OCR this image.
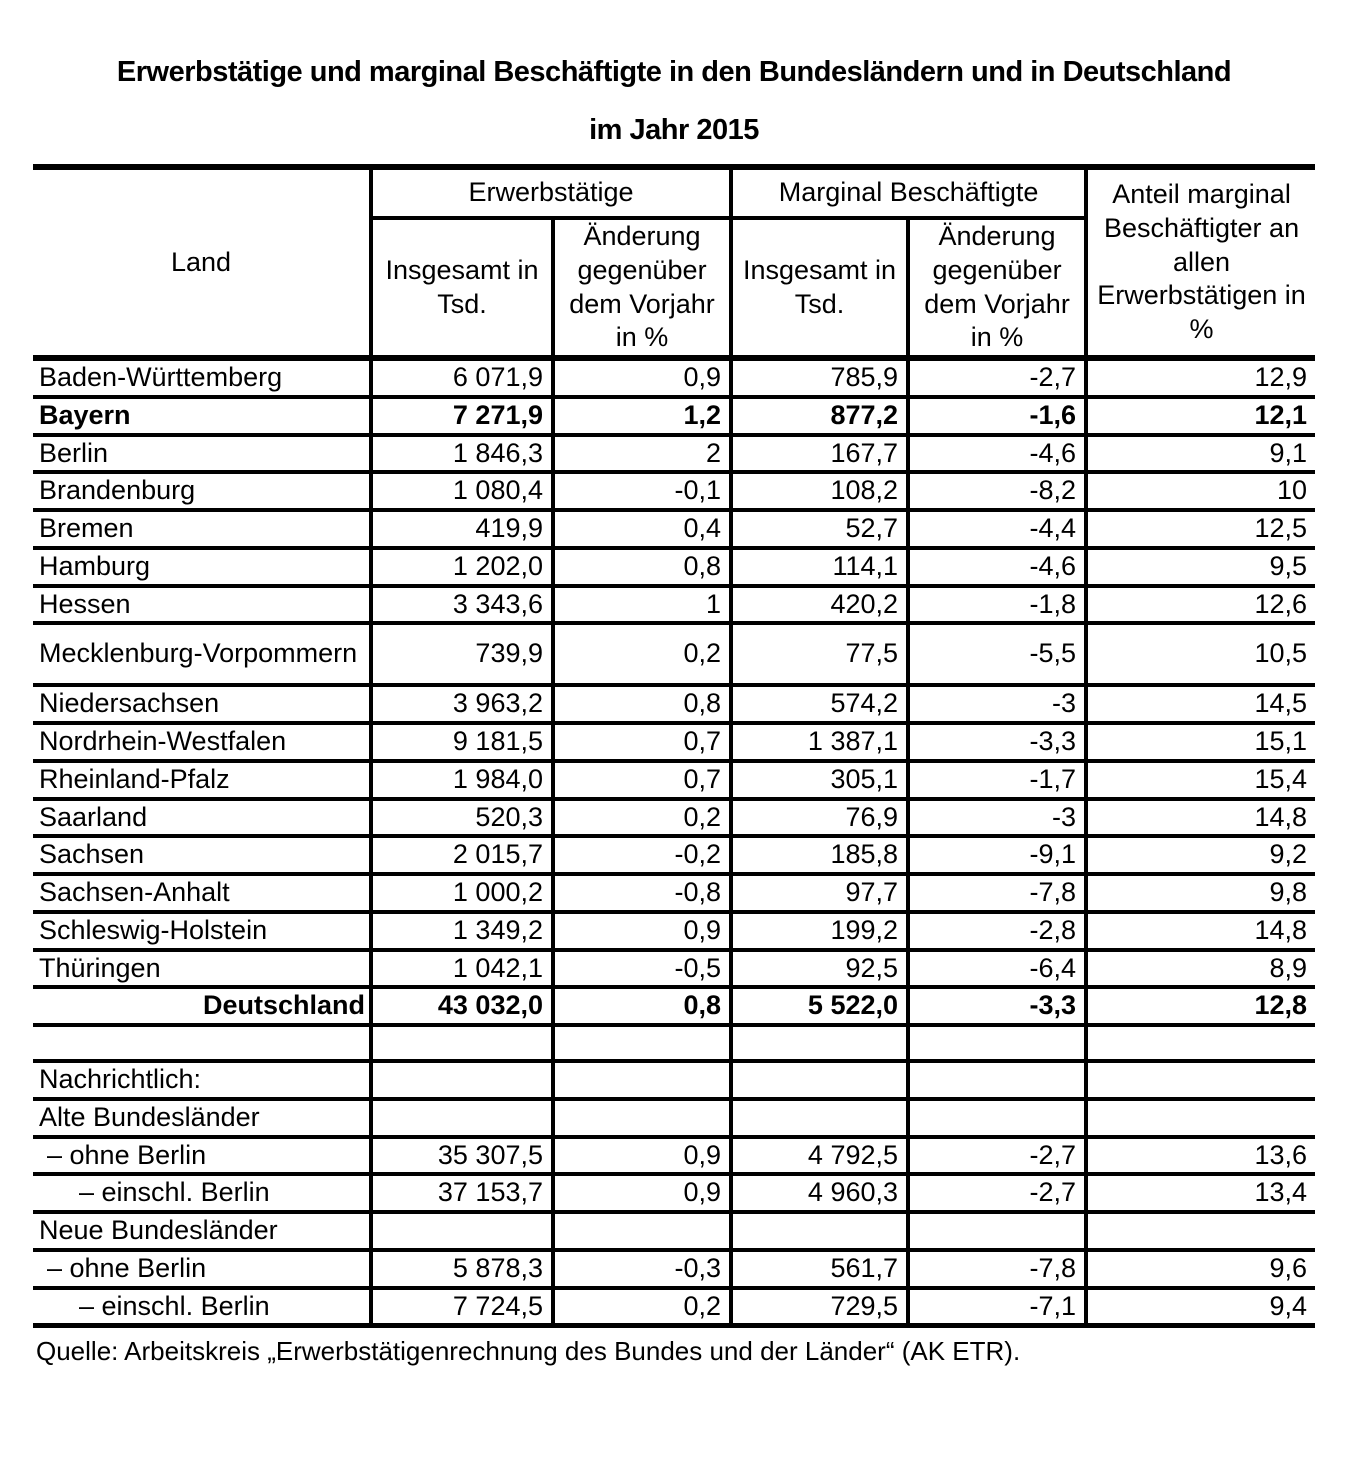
Erwerbstätige und marginal Beschäftigte in den Bundesländern und in Deutschland

im Jahr 2015

Land	Erwerbstätige		Marginal Beschäftigte		Anteil marginal Beschäftigter an allen Erwerbstätigen in %
	Insgesamt in Tsd.	Änderung gegenüber dem Vorjahr in %	Insgesamt in Tsd.	Änderung gegenüber dem Vorjahr in %	
Baden-Württemberg	6 071,9	0,9	785,9	-2,7	12,9
Bayern	7 271,9	1,2	877,2	-1,6	12,1
Berlin	1 846,3	2	167,7	-4,6	9,1
Brandenburg	1 080,4	-0,1	108,2	-8,2	10
Bremen	419,9	0,4	52,7	-4,4	12,5
Hamburg	1 202,0	0,8	114,1	-4,6	9,5
Hessen	3 343,6	1	420,2	-1,8	12,6
Mecklenburg-Vorpommern	739,9	0,2	77,5	-5,5	10,5
Niedersachsen	3 963,2	0,8	574,2	-3	14,5
Nordrhein-Westfalen	9 181,5	0,7	1 387,1	-3,3	15,1
Rheinland-Pfalz	1 984,0	0,7	305,1	-1,7	15,4
Saarland	520,3	0,2	76,9	-3	14,8
Sachsen	2 015,7	-0,2	185,8	-9,1	9,2
Sachsen-Anhalt	1 000,2	-0,8	97,7	-7,8	9,8
Schleswig-Holstein	1 349,2	0,9	199,2	-2,8	14,8
Thüringen	1 042,1	-0,5	92,5	-6,4	8,9
Deutschland	43 032,0	0,8	5 522,0	-3,3	12,8

Nachrichtlich:					
Alte Bundesländer					
– ohne Berlin	35 307,5	0,9	4 792,5	-2,7	13,6
– einschl. Berlin	37 153,7	0,9	4 960,3	-2,7	13,4
Neue Bundesländer					
– ohne Berlin	5 878,3	-0,3	561,7	-7,8	9,6
– einschl. Berlin	7 724,5	0,2	729,5	-7,1	9,4

Quelle: Arbeitskreis „Erwerbstätigenrechnung des Bundes und der Länder“ (AK ETR).
